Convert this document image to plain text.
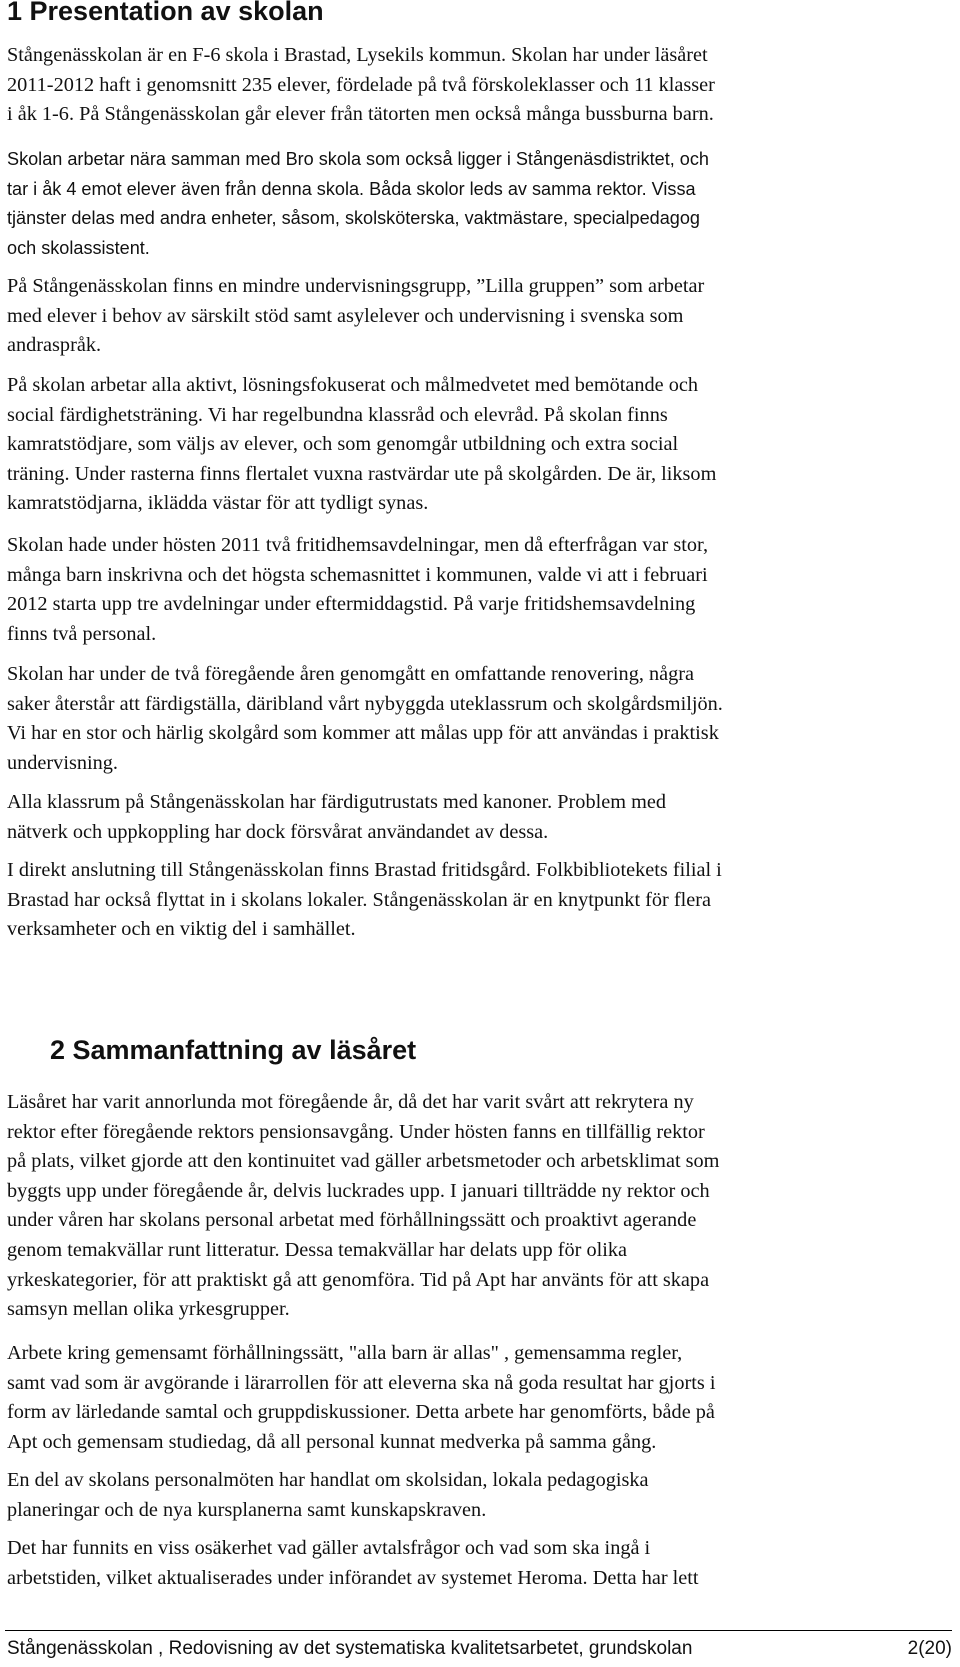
1 Presentation av skolan

Stångenässkolan är en F-6 skola i Brastad, Lysekils kommun. Skolan har under läsåret
2011-2012 haft i genomsnitt 235 elever, fördelade på två förskoleklasser och 11 klasser
i åk 1-6. På Stångenässkolan går elever från tätorten men också många bussburna barn.

Skolan arbetar nära samman med Bro skola som också ligger i Stångenäsdistriktet, och
tar i åk 4 emot elever även från denna skola. Båda skolor leds av samma rektor. Vissa
tjänster delas med andra enheter, såsom, skolsköterska, vaktmästare, specialpedagog
och skolassistent.

På Stångenässkolan finns en mindre undervisningsgrupp, ”Lilla gruppen” som arbetar
med elever i behov av särskilt stöd samt asylelever och undervisning i svenska som
andraspråk.

På skolan arbetar alla aktivt, lösningsfokuserat och målmedvetet med bemötande och
social färdighetsträning. Vi har regelbundna klassråd och elevråd. På skolan finns
kamratstödjare, som väljs av elever, och som genomgår utbildning och extra social
träning. Under rasterna finns flertalet vuxna rastvärdar ute på skolgården. De är, liksom
kamratstödjarna, iklädda västar för att tydligt synas.

Skolan hade under hösten 2011 två fritidhemsavdelningar, men då efterfrågan var stor,
många barn inskrivna och det högsta schemasnittet i kommunen, valde vi att i februari
2012 starta upp tre avdelningar under eftermiddagstid. På varje fritidshemsavdelning
finns två personal.

Skolan har under de två föregående åren genomgått en omfattande renovering, några
saker återstår att färdigställa, däribland vårt nybyggda uteklassrum och skolgårdsmiljön.
Vi har en stor och härlig skolgård som kommer att målas upp för att användas i praktisk
undervisning.

Alla klassrum på Stångenässkolan har färdigutrustats med kanoner. Problem med
nätverk och uppkoppling har dock försvårat användandet av dessa.

I direkt anslutning till Stångenässkolan finns Brastad fritidsgård. Folkbibliotekets filial i
Brastad har också flyttat in i skolans lokaler. Stångenässkolan är en knytpunkt för flera
verksamheter och en viktig del i samhället.

2 Sammanfattning av läsåret

Läsåret har varit annorlunda mot föregående år, då det har varit svårt att rekrytera ny
rektor efter föregående rektors pensionsavgång. Under hösten fanns en tillfällig rektor
på plats, vilket gjorde att den kontinuitet vad gäller arbetsmetoder och arbetsklimat som
byggts upp under föregående år, delvis luckrades upp. I januari tillträdde ny rektor och
under våren har skolans personal arbetat med förhållningssätt och proaktivt agerande
genom temakvällar runt litteratur. Dessa temakvällar har delats upp för olika
yrkeskategorier, för att praktiskt gå att genomföra. Tid på Apt har använts för att skapa
samsyn mellan olika yrkesgrupper.

Arbete kring gemensamt förhållningssätt, "alla barn är allas" , gemensamma regler,
samt vad som är avgörande i lärarrollen för att eleverna ska nå goda resultat har gjorts i
form av lärledande samtal och gruppdiskussioner. Detta arbete har genomförts, både på
Apt och gemensam studiedag, då all personal kunnat medverka på samma gång.

En del av skolans personalmöten har handlat om skolsidan, lokala pedagogiska
planeringar och de nya kursplanerna samt kunskapskraven.

Det har funnits en viss osäkerhet vad gäller avtalsfrågor och vad som ska ingå i
arbetstiden, vilket aktualiserades under införandet av systemet Heroma. Detta har lett

Stångenässkolan , Redovisning av det systematiska kvalitetsarbetet, grundskolan	2(20)
